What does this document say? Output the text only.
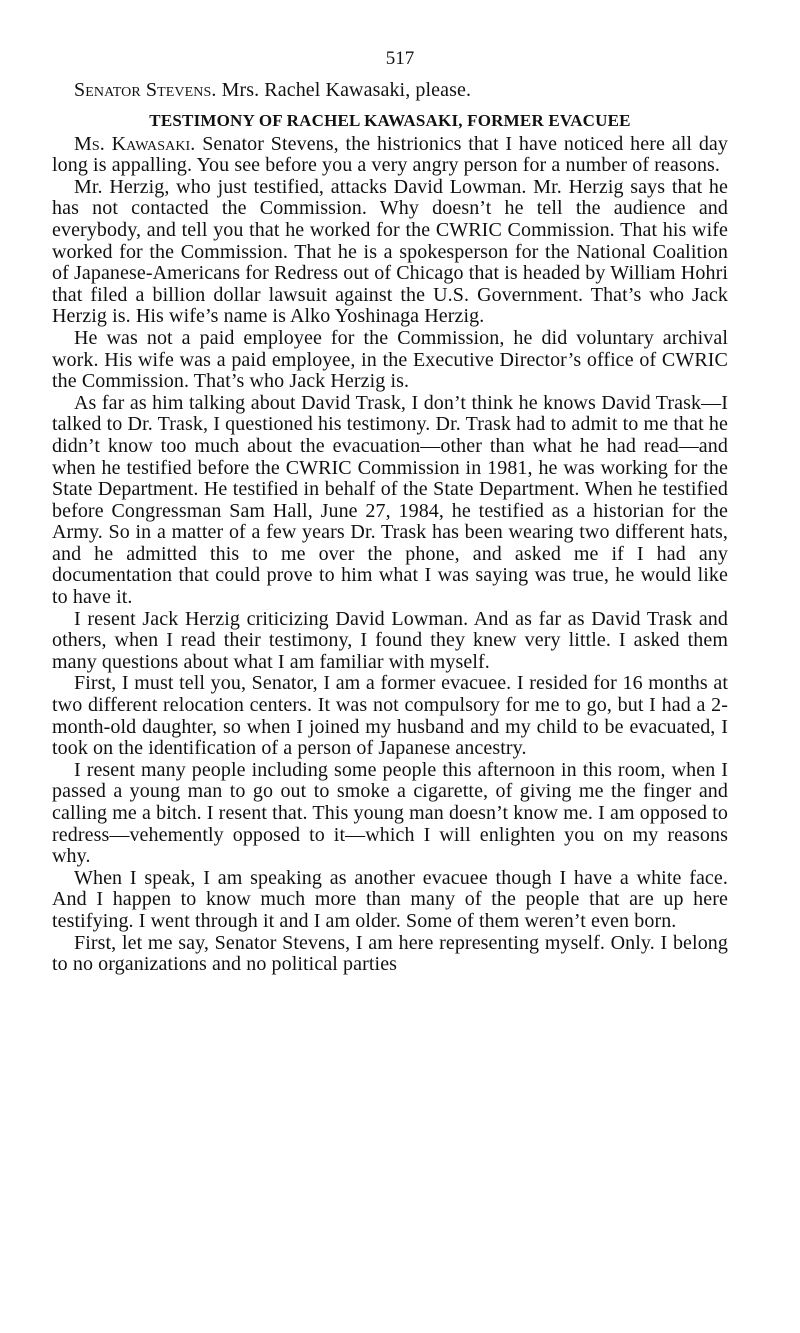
517

Senator Stevens. Mrs. Rachel Kawasaki, please.

TESTIMONY OF RACHEL KAWASAKI, FORMER EVACUEE

Ms. Kawasaki. Senator Stevens, the histrionics that I have noticed here all day long is appalling. You see before you a very angry person for a number of reasons.

Mr. Herzig, who just testified, attacks David Lowman. Mr. Herzig says that he has not contacted the Commission. Why doesn’t he tell the audience and everybody, and tell you that he worked for the CWRIC Commission. That his wife worked for the Commission. That he is a spokesperson for the National Coalition of Japanese-Americans for Redress out of Chicago that is headed by William Hohri that filed a billion dollar lawsuit against the U.S. Government. That’s who Jack Herzig is. His wife’s name is Alko Yoshinaga Herzig.

He was not a paid employee for the Commission, he did voluntary archival work. His wife was a paid employee, in the Executive Director’s office of CWRIC the Commission. That’s who Jack Herzig is.

As far as him talking about David Trask, I don’t think he knows David Trask—I talked to Dr. Trask, I questioned his testimony. Dr. Trask had to admit to me that he didn’t know too much about the evacuation—other than what he had read—and when he testified before the CWRIC Commission in 1981, he was working for the State Department. He testified in behalf of the State Department. When he testified before Congressman Sam Hall, June 27, 1984, he testified as a historian for the Army. So in a matter of a few years Dr. Trask has been wearing two different hats, and he admitted this to me over the phone, and asked me if I had any documentation that could prove to him what I was saying was true, he would like to have it.

I resent Jack Herzig criticizing David Lowman. And as far as David Trask and others, when I read their testimony, I found they knew very little. I asked them many questions about what I am familiar with myself.

First, I must tell you, Senator, I am a former evacuee. I resided for 16 months at two different relocation centers. It was not compulsory for me to go, but I had a 2-month-old daughter, so when I joined my husband and my child to be evacuated, I took on the identification of a person of Japanese ancestry.

I resent many people including some people this afternoon in this room, when I passed a young man to go out to smoke a cigarette, of giving me the finger and calling me a bitch. I resent that. This young man doesn’t know me. I am opposed to redress—vehemently opposed to it—which I will enlighten you on my reasons why.

When I speak, I am speaking as another evacuee though I have a white face. And I happen to know much more than many of the people that are up here testifying. I went through it and I am older. Some of them weren’t even born.

First, let me say, Senator Stevens, I am here representing myself. Only. I belong to no organizations and no political parties
